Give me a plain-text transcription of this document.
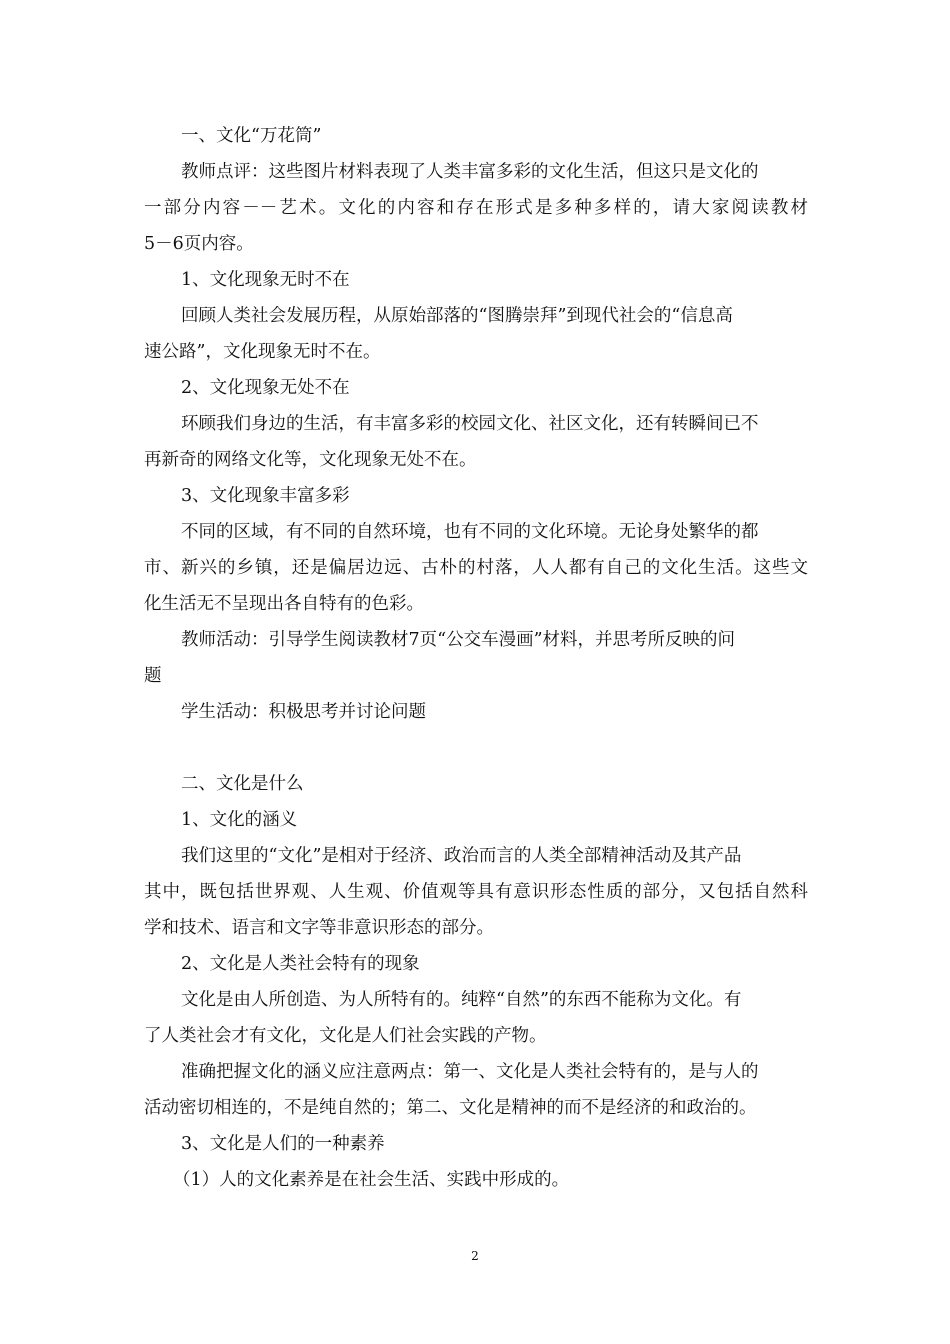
一、文化“万花筒”

教师点评：这些图片材料表现了人类丰富多彩的文化生活，但这只是文化的

一部分内容－－艺术。文化的内容和存在形式是多种多样的，请大家阅读教材

5－6页内容。

1、文化现象无时不在

回顾人类社会发展历程，从原始部落的“图腾崇拜”到现代社会的“信息高

速公路”，文化现象无时不在。

2、文化现象无处不在

环顾我们身边的生活，有丰富多彩的校园文化、社区文化，还有转瞬间已不

再新奇的网络文化等，文化现象无处不在。

3、文化现象丰富多彩

不同的区域，有不同的自然环境，也有不同的文化环境。无论身处繁华的都

市、新兴的乡镇，还是偏居边远、古朴的村落，人人都有自己的文化生活。这些文

化生活无不呈现出各自特有的色彩。

教师活动：引导学生阅读教材7页“公交车漫画”材料，并思考所反映的问

题

学生活动：积极思考并讨论问题

二、文化是什么

1、文化的涵义

我们这里的“文化”是相对于经济、政治而言的人类全部精神活动及其产品

其中，既包括世界观、人生观、价值观等具有意识形态性质的部分，又包括自然科

学和技术、语言和文字等非意识形态的部分。

2、文化是人类社会特有的现象

文化是由人所创造、为人所特有的。纯粹“自然”的东西不能称为文化。有

了人类社会才有文化，文化是人们社会实践的产物。

准确把握文化的涵义应注意两点：第一、文化是人类社会特有的，是与人的

活动密切相连的，不是纯自然的；第二、文化是精神的而不是经济的和政治的。

3、文化是人们的一种素养

（1）人的文化素养是在社会生活、实践中形成的。

2
